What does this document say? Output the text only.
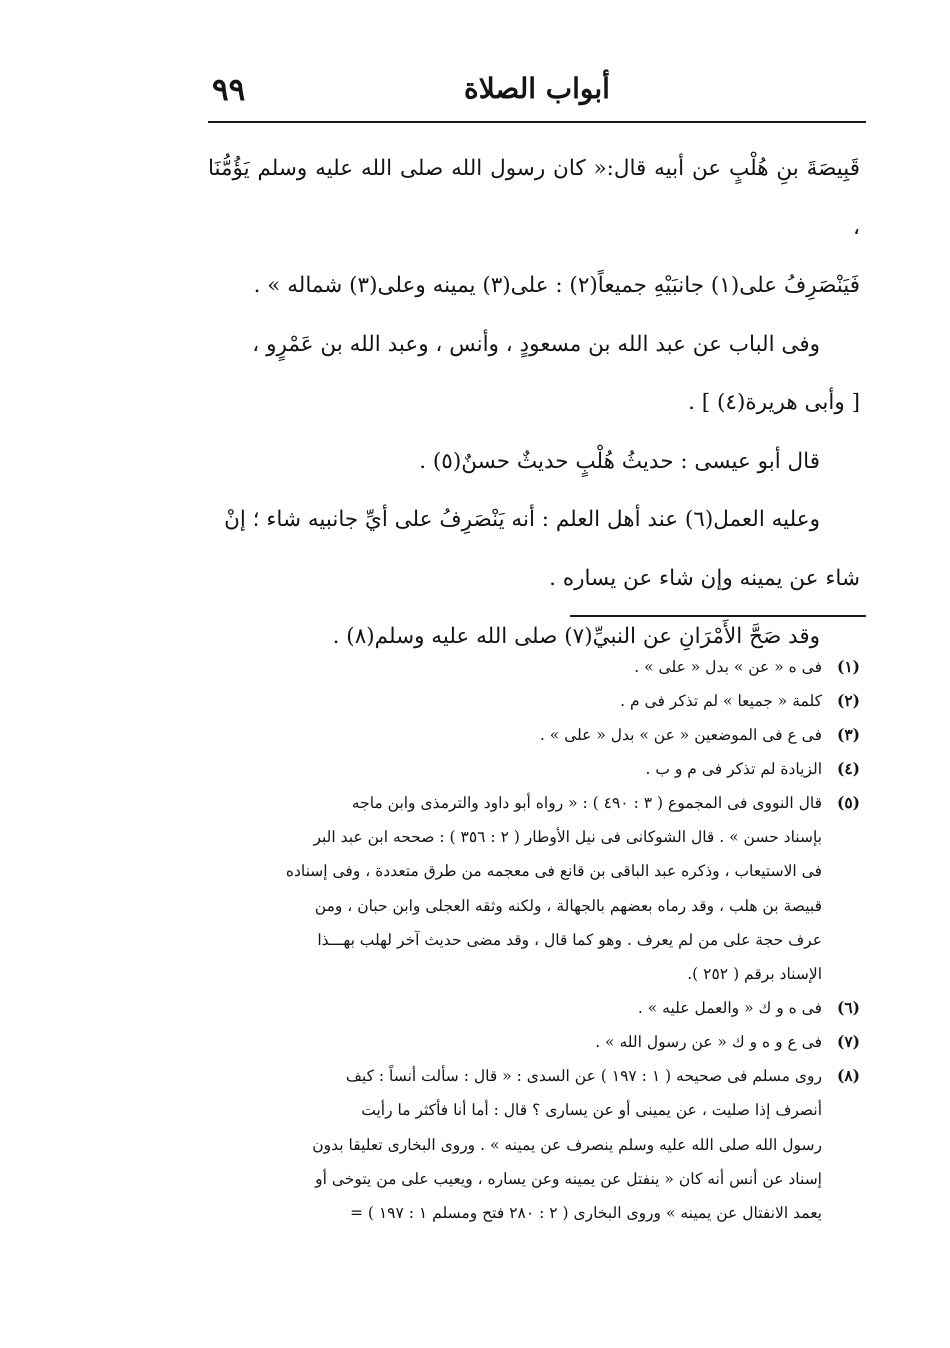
٩٩	أبواب الصلاة

قَبِيصَةَ بنِ هُلْبٍ عن أبيه قال:« كان رسول الله صلى الله عليه وسلم يَؤُمُّنَا ،
فَيَنْصَرِفُ على(١) جانبَيْهِ جميعاً(٢) : على(٣) يمينه وعلى(٣) شماله » .

وفى الباب عن عبد الله بن مسعودٍ ، وأنس ، وعبد الله بن عَمْرٍو ،
[ وأبى هريرة(٤) ] .

قال أبو عيسى : حديثُ هُلْبٍ حديثٌ حسنٌ(٥) .

وعليه العمل(٦) عند أهل العلم : أنه يَنْصَرِفُ على أيِّ جانبيه شاء ؛ إنْ
شاء عن يمينه وإن شاء عن يساره .

وقد صَحَّ الأَمْرَانِ عن النبيِّ(٧) صلى الله عليه وسلم(٨) .

(١)
فى ه « عن » بدل « على » .
(٢)
كلمة « جميعا » لم تذكر فى م .
(٣)
فى ع فى الموضعين « عن » بدل « على » .
(٤)
الزيادة لم تذكر فى م و ب .
(٥)
قال النووى فى المجموع ( ٣ : ٤٩٠ ) : « رواه أبو داود والترمذى وابن ماجه
بإسناد حسن » . قال الشوكانى فى نيل الأوطار ( ٢ : ٣٥٦ ) : صححه ابن عبد البر
فى الاستيعاب ، وذكره عبد الباقى بن قانع فى معجمه من طرق متعددة ، وفى إسناده
قبيصة بن هلب ، وقد رماه بعضهم بالجهالة ، ولكنه وثقه العجلى وابن حبان ، ومن
عرف حجة على من لم يعرف . وهو كما قال ، وقد مضى حديث آخر لهلب بهـــذا
الإسناد برقم ( ٢٥٢ ).
(٦)
فى ه و ك « والعمل عليه » .
(٧)
فى ع و ه و ك « عن رسول الله » .
(٨)
روى مسلم فى صحيحه ( ١ : ١٩٧ ) عن السدى : « قال : سألت أنساً : كيف
أنصرف إذا صليت ، عن يمينى أو عن يسارى ؟ قال : أما أنا فأكثر ما رأيت
رسول الله صلى الله عليه وسلم ينصرف عن يمينه » . وروى البخارى تعليقا بدون
إسناد عن أنس أنه كان « ينفتل عن يمينه وعن يساره ، ويعيب على من يتوخى أو
يعمد الانفتال عن يمينه » وروى البخارى ( ٢ : ٢٨٠ فتح ومسلم ١ : ١٩٧ ) =
